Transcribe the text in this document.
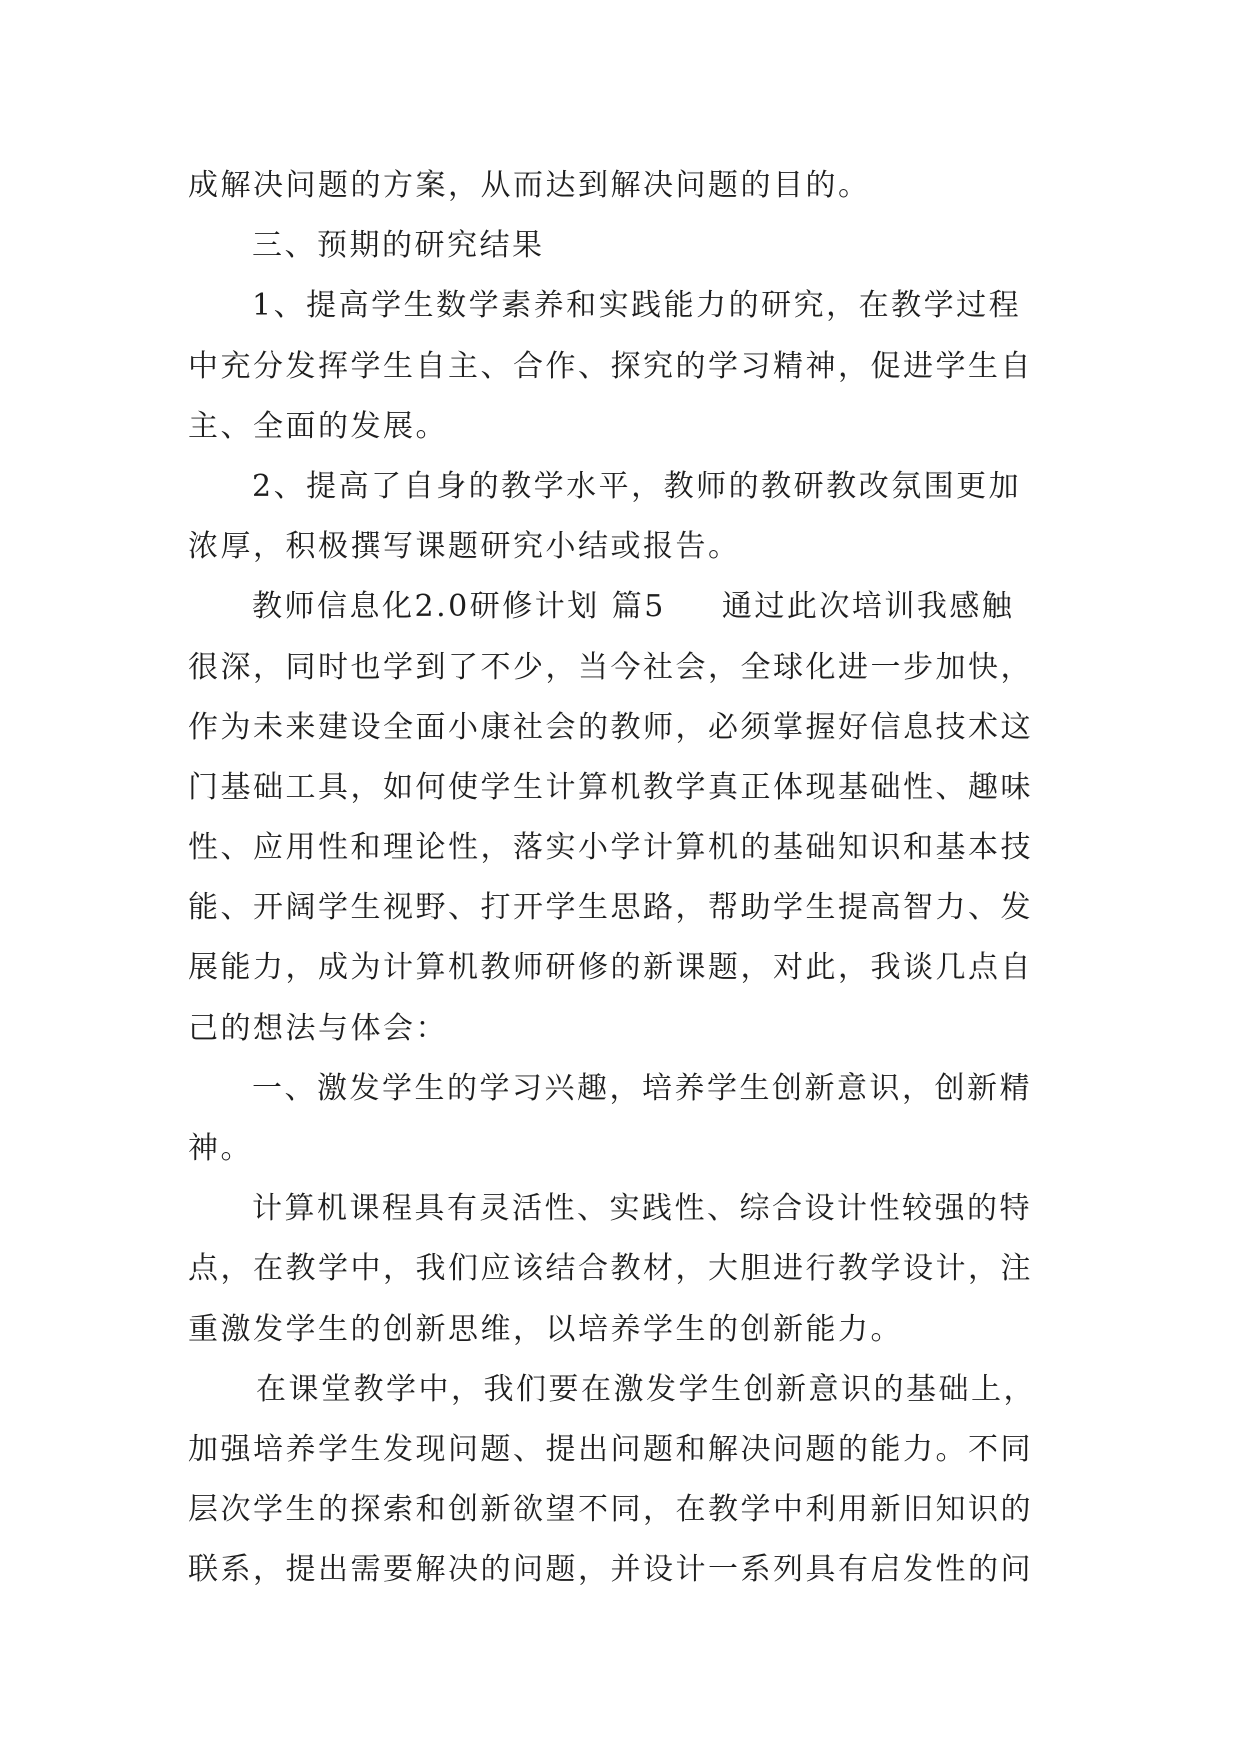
成解决问题的方案，从而达到解决问题的目的。
三、预期的研究结果
1、提高学生数学素养和实践能力的研究，在教学过程
中充分发挥学生自主、合作、探究的学习精神，促进学生自
主、全面的发展。
2、提高了自身的教学水平，教师的教研教改氛围更加
浓厚，积极撰写课题研究小结或报告。
教师信息化2.0研修计划 篇5 通过此次培训我感触
很深，同时也学到了不少，当今社会，全球化进一步加快，
作为未来建设全面小康社会的教师，必须掌握好信息技术这
门基础工具，如何使学生计算机教学真正体现基础性、趣味
性、应用性和理论性，落实小学计算机的基础知识和基本技
能、开阔学生视野、打开学生思路，帮助学生提高智力、发
展能力，成为计算机教师研修的新课题，对此，我谈几点自
己的想法与体会：
一、激发学生的学习兴趣，培养学生创新意识，创新精
神。
计算机课程具有灵活性、实践性、综合设计性较强的特
点，在教学中，我们应该结合教材，大胆进行教学设计，注
重激发学生的创新思维，以培养学生的创新能力。
在课堂教学中，我们要在激发学生创新意识的基础上，
加强培养学生发现问题、提出问题和解决问题的能力。不同
层次学生的探索和创新欲望不同，在教学中利用新旧知识的
联系，提出需要解决的问题，并设计一系列具有启发性的问
